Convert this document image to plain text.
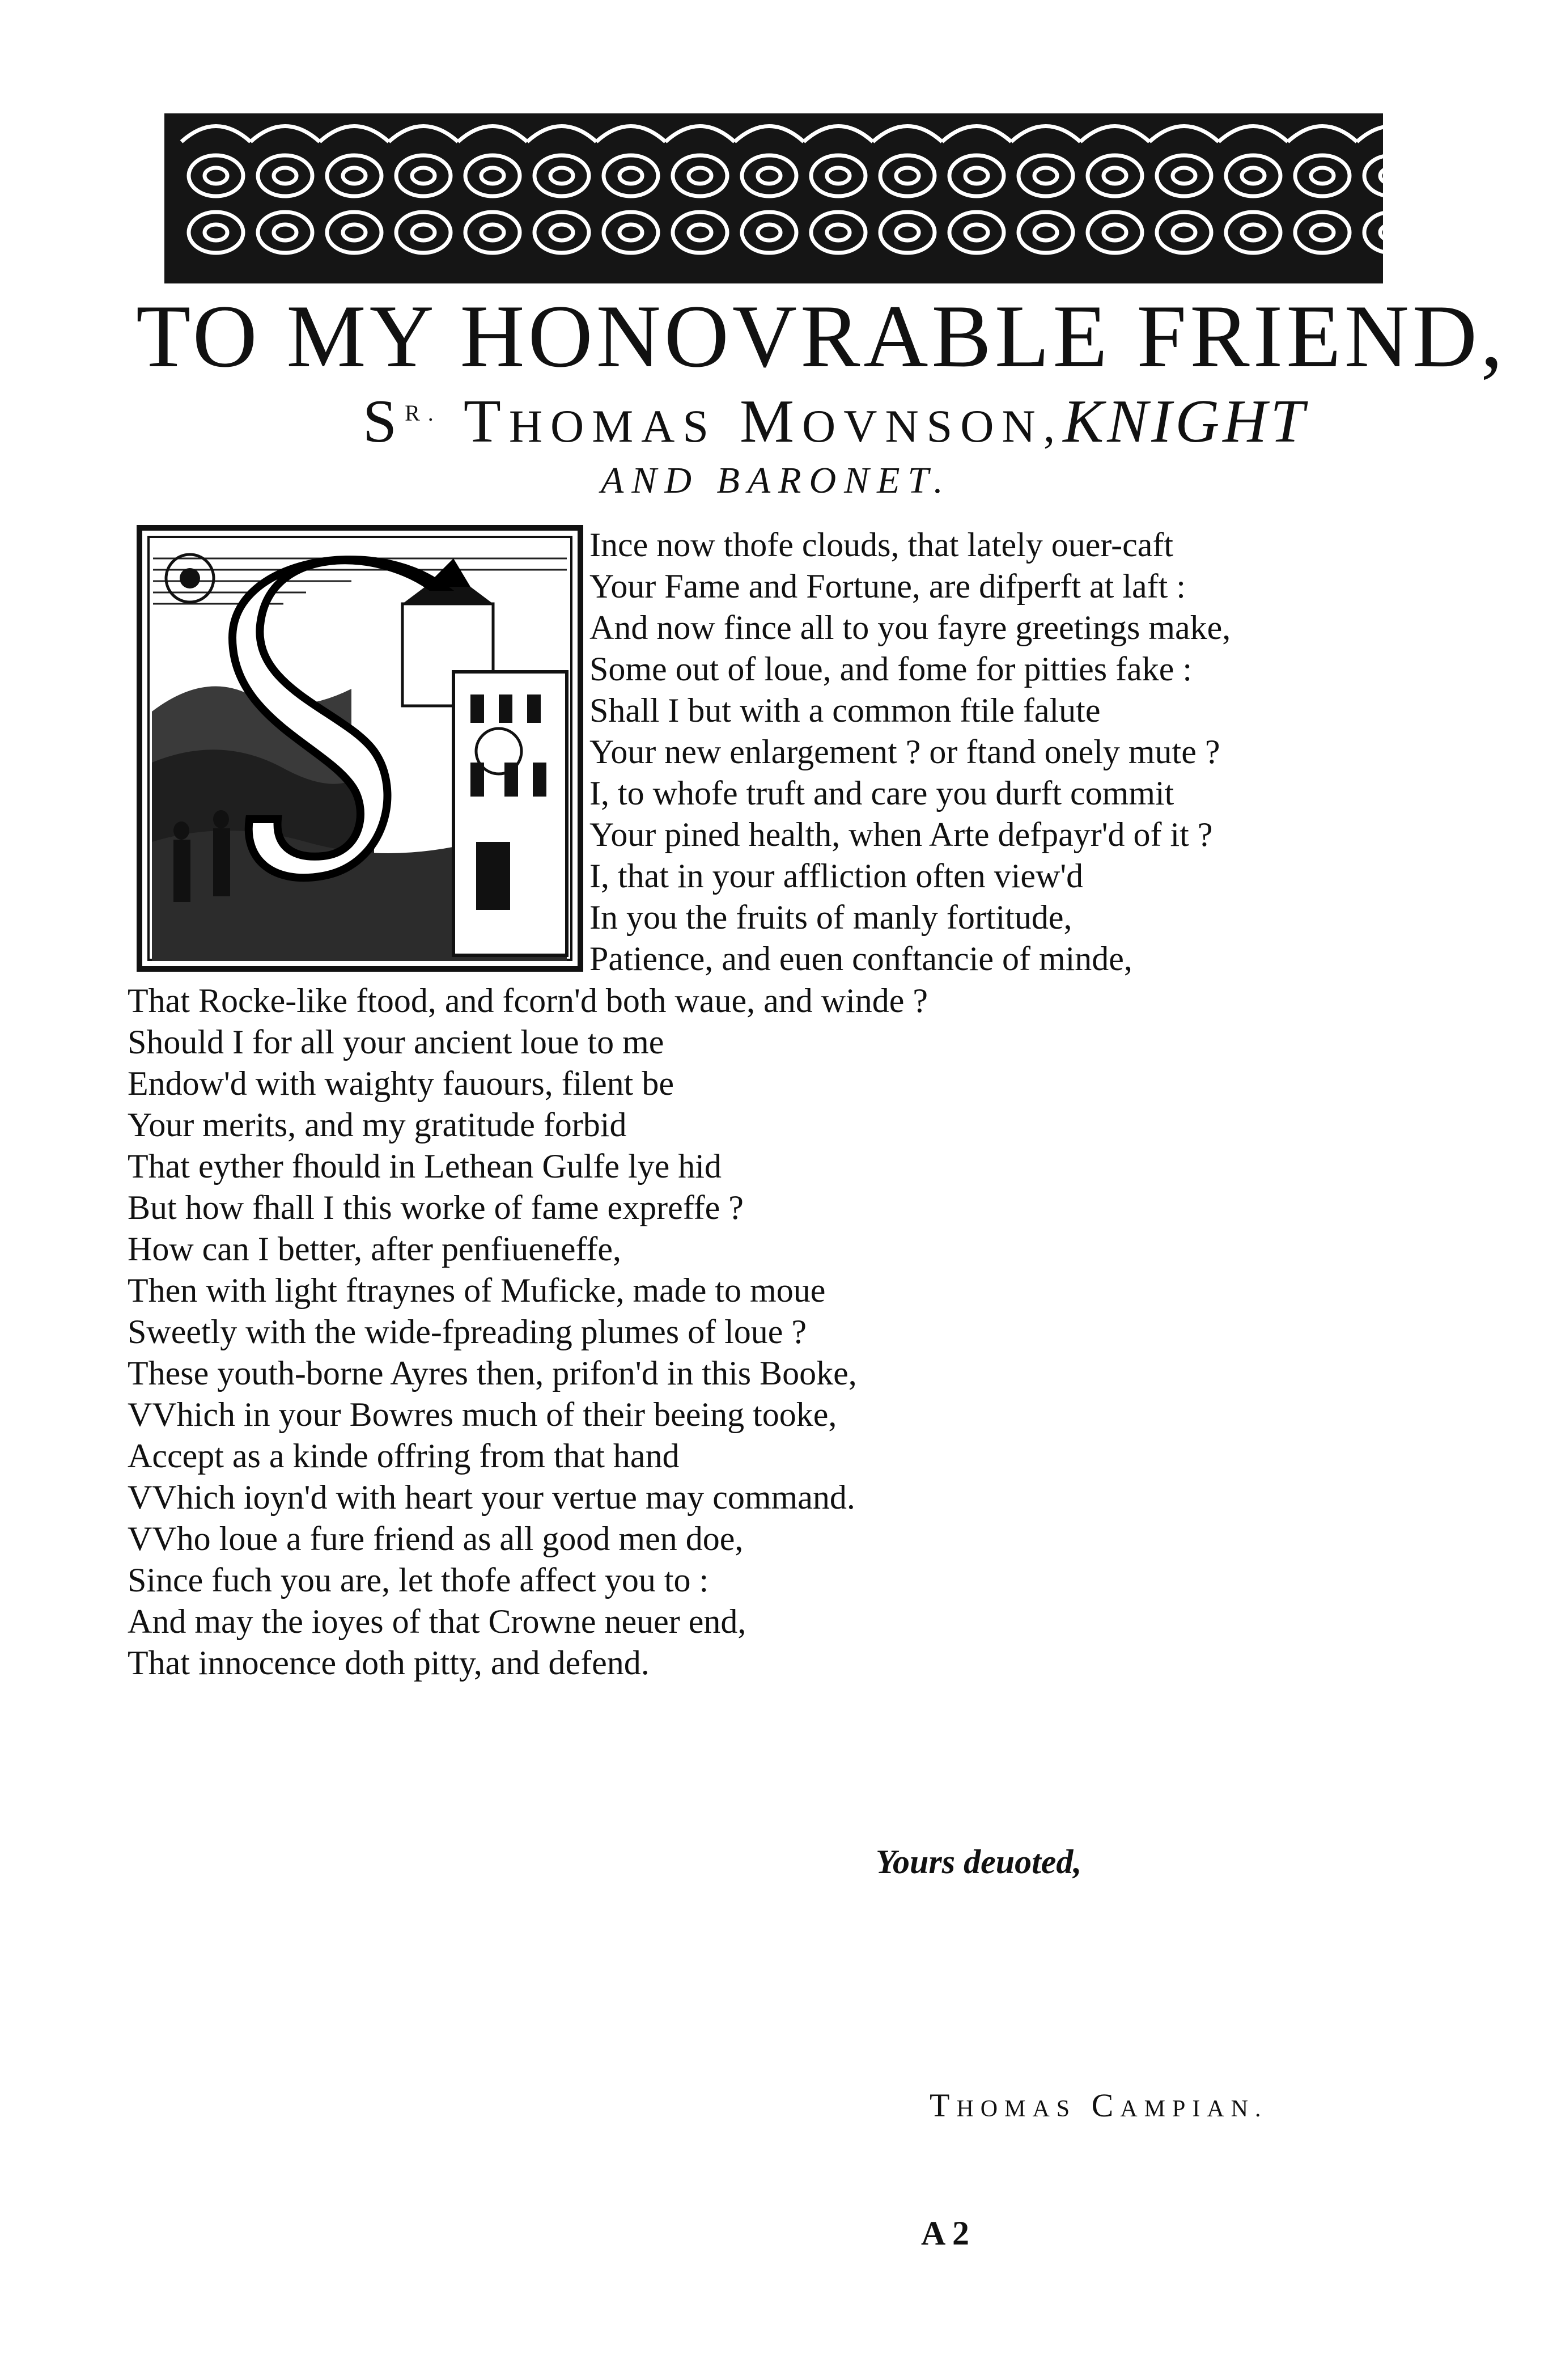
TO MY HONOVRABLE FRIEND,
$S^{R.}$ THOMAS MOVNSON,KNIGHT
AND BARONET.
Ince now thofe clouds, that lately ouer-caft
Your Fame and Fortune, are difperft at laft :
And now fince all to you fayre greetings make,
Some out of loue, and fome for pitties fake :
Shall I but with a common ftile falute
Your new enlargement ? or ftand onely mute ?
I, to whofe truft and care you durft commit
Your pined health, when Arte defpayr'd of it ?
I, that in your affliction often view'd
In you the fruits of manly fortitude,
Patience, and euen conftancie of minde,
That Rocke-like ftood, and fcorn'd both waue, and winde ?
Should I for all your ancient loue to me
Endow'd with waighty fauours, filent be
Your merits, and my gratitude forbid
That eyther fhould in Lethean Gulfe lye hid
But how fhall I this worke of fame expreffe ?
How can I better, after penfiueneffe,
Then with light ftraynes of Muficke, made to moue
Sweetly with the wide-fpreading plumes of loue ?
These youth-borne Ayres then, prifon'd in this Booke,
VVhich in your Bowres much of their beeing tooke,
Accept as a kinde offring from that hand
VVhich ioyn'd with heart your vertue may command.
VVho loue a fure friend as all good men doe,
Since fuch you are, let thofe affect you to :
And may the ioyes of that Crowne neuer end,
That innocence doth pitty, and defend.
Yours deuoted,
THOMAS CAMPIAN.
A 2
